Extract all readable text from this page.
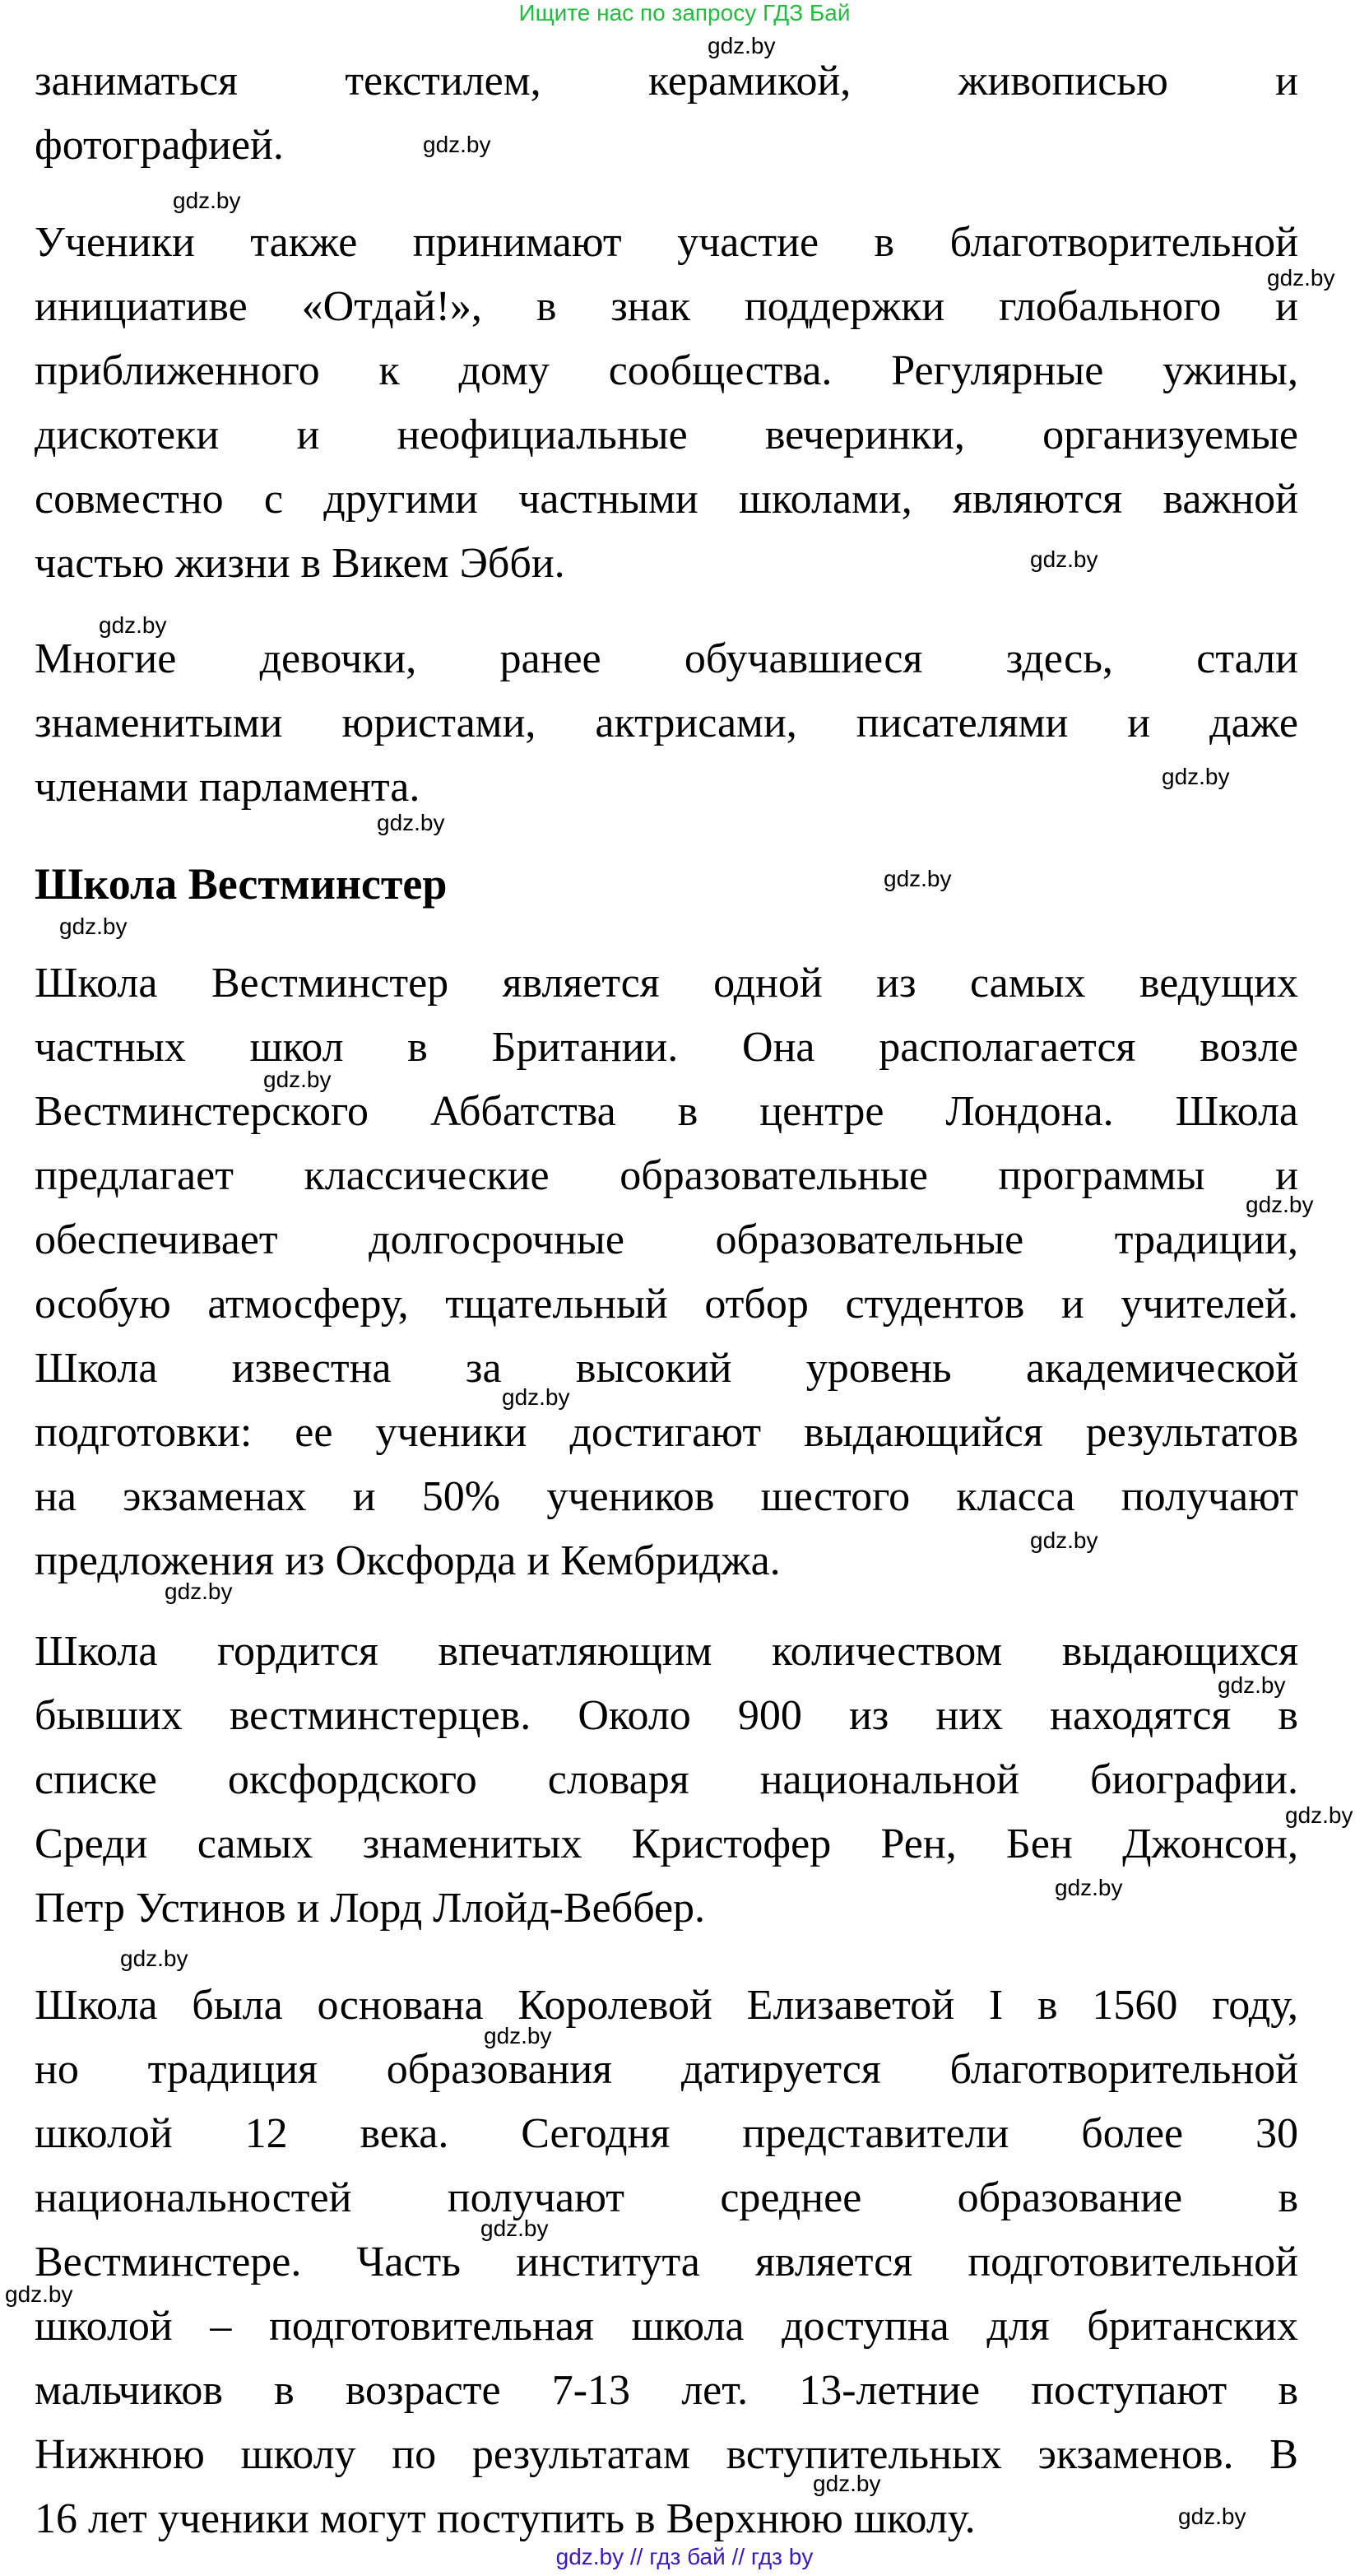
Ищите нас по запросу ГДЗ Бай
заниматься текстилем, керамикой, живописью и
фотографией.
Ученики также принимают участие в благотворительной
инициативе «Отдай!», в знак поддержки глобального и
приближенного к дому сообщества. Регулярные ужины,
дискотеки и неофициальные вечеринки, организуемые
совместно с другими частными школами, являются важной
частью жизни в Викем Эбби.
Многие девочки, ранее обучавшиеся здесь, стали
знаменитыми юристами, актрисами, писателями и даже
членами парламента.
Школа Вестминстер
Школа Вестминстер является одной из самых ведущих
частных школ в Британии. Она располагается возле
Вестминстерского Аббатства в центре Лондона. Школа
предлагает классические образовательные программы и
обеспечивает долгосрочные образовательные традиции,
особую атмосферу, тщательный отбор студентов и учителей.
Школа известна за высокий уровень академической
подготовки: ее ученики достигают выдающийся результатов
на экзаменах и 50% учеников шестого класса получают
предложения из Оксфорда и Кембриджа.
Школа гордится впечатляющим количеством выдающихся
бывших вестминстерцев. Около 900 из них находятся в
списке оксфордского словаря национальной биографии.
Среди самых знаменитых Кристофер Рен, Бен Джонсон,
Петр Устинов и Лорд Ллойд-Веббер.
Школа была основана Королевой Елизаветой I в 1560 году,
но традиция образования датируется благотворительной
школой 12 века. Сегодня представители более 30
национальностей получают среднее образование в
Вестминстере. Часть института является подготовительной
школой – подготовительная школа доступна для британских
мальчиков в возрасте 7-13 лет. 13-летние поступают в
Нижнюю школу по результатам вступительных экзаменов. В
16 лет ученики могут поступить в Верхнюю школу.
gdz.by
gdz.by
gdz.by
gdz.by
gdz.by
gdz.by
gdz.by
gdz.by
gdz.by
gdz.by
gdz.by
gdz.by
gdz.by
gdz.by
gdz.by
gdz.by
gdz.by
gdz.by
gdz.by
gdz.by
gdz.by
gdz.by
gdz.by
gdz.by
gdz.by // гдз бай // гдз by
